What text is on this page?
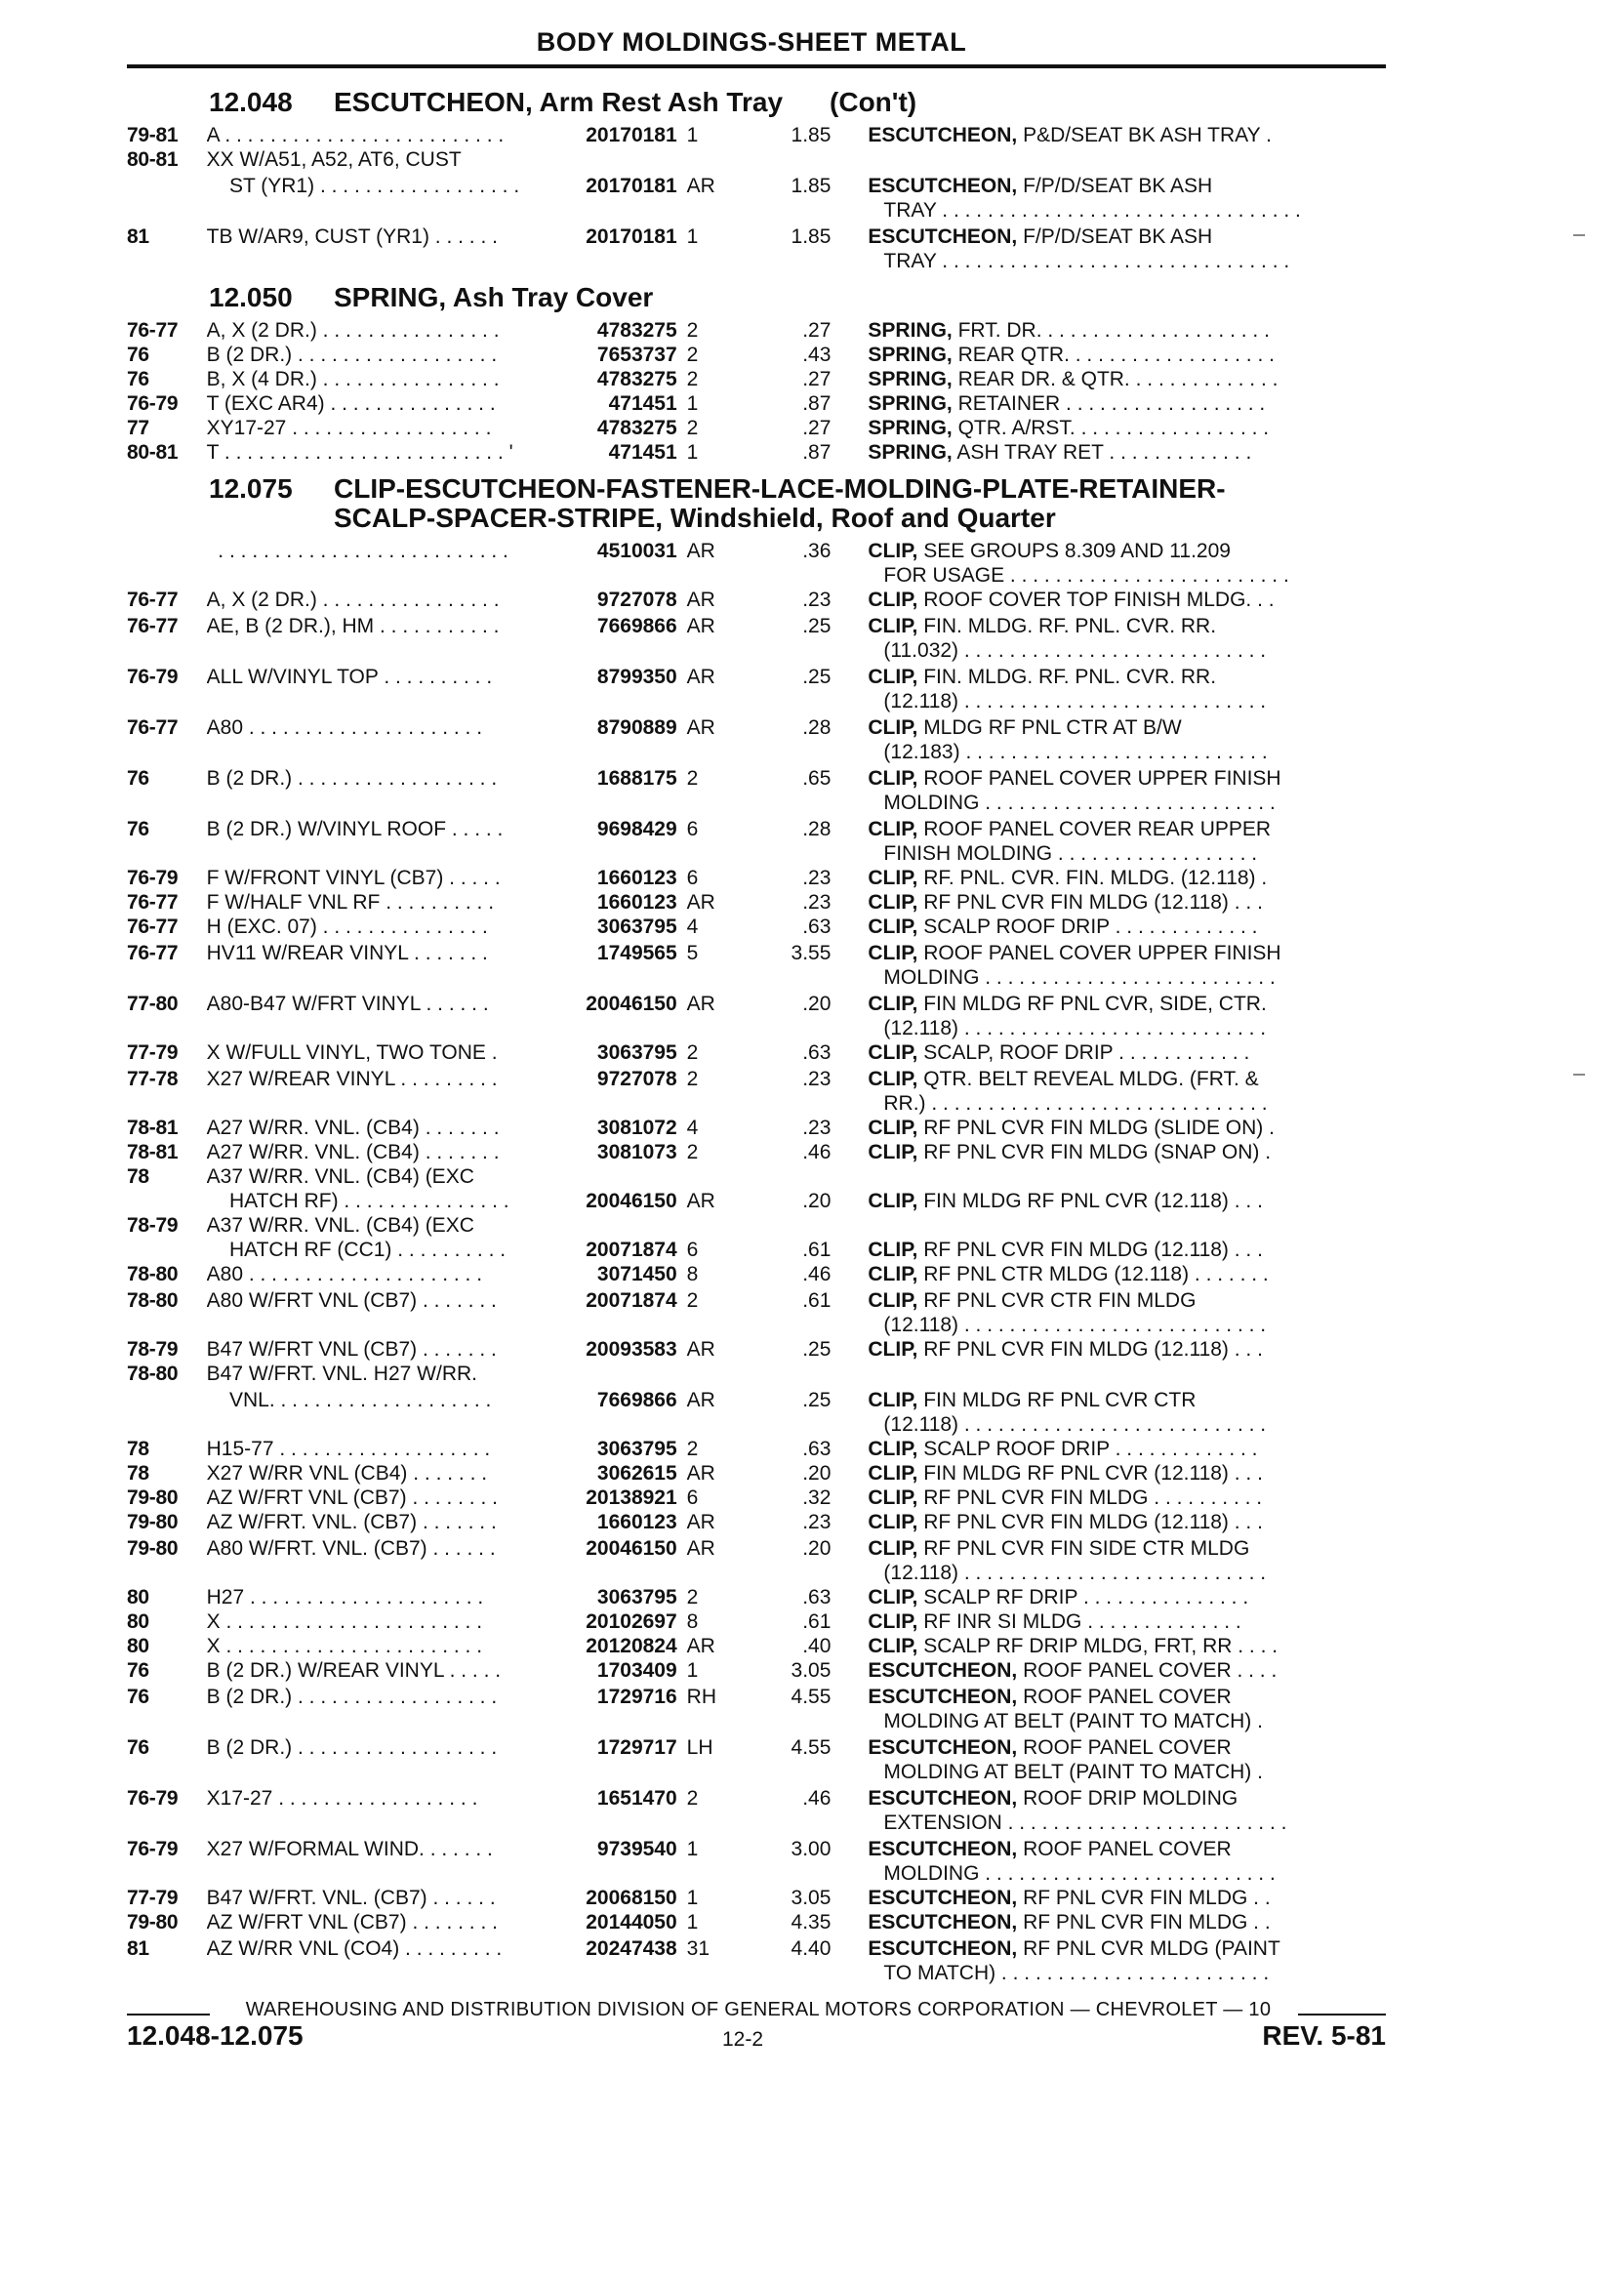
BODY MOLDINGS-SHEET METAL
12.048 ESCUTCHEON, Arm Rest Ash Tray (Con't)
79-81	A . . . . . . . . . . . . . . . . . . . . . . . . .	20170181 1	1.85	ESCUTCHEON, P&D/SEAT BK ASH TRAY .
80-81	XX W/A51, A52, AT6, CUST
ST (YR1) . . . . . . . . . . . . . . . . . .	20170181 AR	1.85	ESCUTCHEON, F/P/D/SEAT BK ASH
TRAY . . . . . . . . . . . . . . . . . . . . . . . . . . . . . . . .
81	TB W/AR9, CUST (YR1) . . . . . .	20170181 1	1.85	ESCUTCHEON, F/P/D/SEAT BK ASH
TRAY . . . . . . . . . . . . . . . . . . . . . . . . . . . . . . .
12.050 SPRING, Ash Tray Cover
76-77	A, X (2 DR.) . . . . . . . . . . . . . . . .	4783275 2	.27	SPRING, FRT. DR. . . . . . . . . . . . . . . . . . . . .
76	B (2 DR.) . . . . . . . . . . . . . . . . . .	7653737 2	.43	SPRING, REAR QTR. . . . . . . . . . . . . . . . . . .
76	B, X (4 DR.) . . . . . . . . . . . . . . . .	4783275 2	.27	SPRING, REAR DR. & QTR. . . . . . . . . . . . . .
76-79	T (EXC AR4) . . . . . . . . . . . . . . .	471451 1	.87	SPRING, RETAINER . . . . . . . . . . . . . . . . . .
77	XY17-27 . . . . . . . . . . . . . . . . . .	4783275 2	.27	SPRING, QTR. A/RST. . . . . . . . . . . . . . . . . .
80-81	T . . . . . . . . . . . . . . . . . . . . . . . . . '	471451 1	.87	SPRING, ASH TRAY RET . . . . . . . . . . . . .
12.075 CLIP-ESCUTCHEON-FASTENER-LACE-MOLDING-PLATE-RETAINER-
SCALP-SPACER-STRIPE, Windshield, Roof and Quarter
. . . . . . . . . . . . . . . . . . . . . . . . . .	4510031 AR	.36	CLIP, SEE GROUPS 8.309 AND 11.209
FOR USAGE . . . . . . . . . . . . . . . . . . . . . . . . .
76-77	A, X (2 DR.) . . . . . . . . . . . . . . . .	9727078 AR	.23	CLIP, ROOF COVER TOP FINISH MLDG. . .
76-77	AE, B (2 DR.), HM . . . . . . . . . . .	7669866 AR	.25	CLIP, FIN. MLDG. RF. PNL. CVR. RR.
(11.032) . . . . . . . . . . . . . . . . . . . . . . . . . . .
76-79	ALL W/VINYL TOP . . . . . . . . . .	8799350 AR	.25	CLIP, FIN. MLDG. RF. PNL. CVR. RR.
(12.118) . . . . . . . . . . . . . . . . . . . . . . . . . . .
76-77	A80 . . . . . . . . . . . . . . . . . . . . .	8790889 AR	.28	CLIP, MLDG RF PNL CTR AT B/W
(12.183) . . . . . . . . . . . . . . . . . . . . . . . . . . .
76	B (2 DR.) . . . . . . . . . . . . . . . . . .	1688175 2	.65	CLIP, ROOF PANEL COVER UPPER FINISH
MOLDING . . . . . . . . . . . . . . . . . . . . . . . . . .
76	B (2 DR.) W/VINYL ROOF . . . . .	9698429 6	.28	CLIP, ROOF PANEL COVER REAR UPPER
FINISH MOLDING . . . . . . . . . . . . . . . . . .
76-79	F W/FRONT VINYL (CB7) . . . . .	1660123 6	.23	CLIP, RF. PNL. CVR. FIN. MLDG. (12.118) .
76-77	F W/HALF VNL RF . . . . . . . . . .	1660123 AR	.23	CLIP, RF PNL CVR FIN MLDG (12.118) . . .
76-77	H (EXC. 07) . . . . . . . . . . . . . . .	3063795 4	.63	CLIP, SCALP ROOF DRIP . . . . . . . . . . . . .
76-77	HV11 W/REAR VINYL . . . . . . .	1749565 5	3.55	CLIP, ROOF PANEL COVER UPPER FINISH
MOLDING . . . . . . . . . . . . . . . . . . . . . . . . . .
77-80	A80-B47 W/FRT VINYL . . . . . .	20046150 AR	.20	CLIP, FIN MLDG RF PNL CVR, SIDE, CTR.
(12.118) . . . . . . . . . . . . . . . . . . . . . . . . . . .
77-79	X W/FULL VINYL, TWO TONE .	3063795 2	.63	CLIP, SCALP, ROOF DRIP . . . . . . . . . . . .
77-78	X27 W/REAR VINYL . . . . . . . . .	9727078 2	.23	CLIP, QTR. BELT REVEAL MLDG. (FRT. &
RR.) . . . . . . . . . . . . . . . . . . . . . . . . . . . . . .
78-81	A27 W/RR. VNL. (CB4) . . . . . . .	3081072 4	.23	CLIP, RF PNL CVR FIN MLDG (SLIDE ON) .
78-81	A27 W/RR. VNL. (CB4) . . . . . . .	3081073 2	.46	CLIP, RF PNL CVR FIN MLDG (SNAP ON) .
78	A37 W/RR. VNL. (CB4) (EXC
HATCH RF) . . . . . . . . . . . . . . .	20046150 AR	.20	CLIP, FIN MLDG RF PNL CVR (12.118) . . .
78-79	A37 W/RR. VNL. (CB4) (EXC
HATCH RF (CC1) . . . . . . . . . .	20071874 6	.61	CLIP, RF PNL CVR FIN MLDG (12.118) . . .
78-80	A80 . . . . . . . . . . . . . . . . . . . . .	3071450 8	.46	CLIP, RF PNL CTR MLDG (12.118) . . . . . . .
78-80	A80 W/FRT VNL (CB7) . . . . . . .	20071874 2	.61	CLIP, RF PNL CVR CTR FIN MLDG
(12.118) . . . . . . . . . . . . . . . . . . . . . . . . . . .
78-79	B47 W/FRT VNL (CB7) . . . . . . .	20093583 AR	.25	CLIP, RF PNL CVR FIN MLDG (12.118) . . .
78-80	B47 W/FRT. VNL. H27 W/RR.
VNL. . . . . . . . . . . . . . . . . . . .	7669866 AR	.25	CLIP, FIN MLDG RF PNL CVR CTR
(12.118) . . . . . . . . . . . . . . . . . . . . . . . . . . .
78	H15-77 . . . . . . . . . . . . . . . . . . .	3063795 2	.63	CLIP, SCALP ROOF DRIP . . . . . . . . . . . . .
78	X27 W/RR VNL (CB4) . . . . . . .	3062615 AR	.20	CLIP, FIN MLDG RF PNL CVR (12.118) . . .
79-80	AZ W/FRT VNL (CB7) . . . . . . . .	20138921 6	.32	CLIP, RF PNL CVR FIN MLDG . . . . . . . . . .
79-80	AZ W/FRT. VNL. (CB7) . . . . . . .	1660123 AR	.23	CLIP, RF PNL CVR FIN MLDG (12.118) . . .
79-80	A80 W/FRT. VNL. (CB7) . . . . . .	20046150 AR	.20	CLIP, RF PNL CVR FIN SIDE CTR MLDG
(12.118) . . . . . . . . . . . . . . . . . . . . . . . . . . .
80	H27 . . . . . . . . . . . . . . . . . . . . .	3063795 2	.63	CLIP, SCALP RF DRIP . . . . . . . . . . . . . . .
80	X . . . . . . . . . . . . . . . . . . . . . . .	20102697 8	.61	CLIP, RF INR SI MLDG . . . . . . . . . . . . . .
80	X . . . . . . . . . . . . . . . . . . . . . . .	20120824 AR	.40	CLIP, SCALP RF DRIP MLDG, FRT, RR . . . .
76	B (2 DR.) W/REAR VINYL . . . . .	1703409 1	3.05	ESCUTCHEON, ROOF PANEL COVER . . . .
76	B (2 DR.) . . . . . . . . . . . . . . . . . .	1729716 RH	4.55	ESCUTCHEON, ROOF PANEL COVER
MOLDING AT BELT (PAINT TO MATCH) .
76	B (2 DR.) . . . . . . . . . . . . . . . . . .	1729717 LH	4.55	ESCUTCHEON, ROOF PANEL COVER
MOLDING AT BELT (PAINT TO MATCH) .
76-79	X17-27 . . . . . . . . . . . . . . . . . .	1651470 2	.46	ESCUTCHEON, ROOF DRIP MOLDING
EXTENSION . . . . . . . . . . . . . . . . . . . . . . . . .
76-79	X27 W/FORMAL WIND. . . . . . .	9739540 1	3.00	ESCUTCHEON, ROOF PANEL COVER
MOLDING . . . . . . . . . . . . . . . . . . . . . . . . . .
77-79	B47 W/FRT. VNL. (CB7) . . . . . .	20068150 1	3.05	ESCUTCHEON, RF PNL CVR FIN MLDG . .
79-80	AZ W/FRT VNL (CB7) . . . . . . . .	20144050 1	4.35	ESCUTCHEON, RF PNL CVR FIN MLDG . .
81	AZ W/RR VNL (CO4) . . . . . . . . .	20247438 31	4.40	ESCUTCHEON, RF PNL CVR MLDG (PAINT
TO MATCH) . . . . . . . . . . . . . . . . . . . . . . . .
WAREHOUSING AND DISTRIBUTION DIVISION OF GENERAL MOTORS CORPORATION — CHEVROLET — 10
12.048-12.075	12-2	REV. 5-81
